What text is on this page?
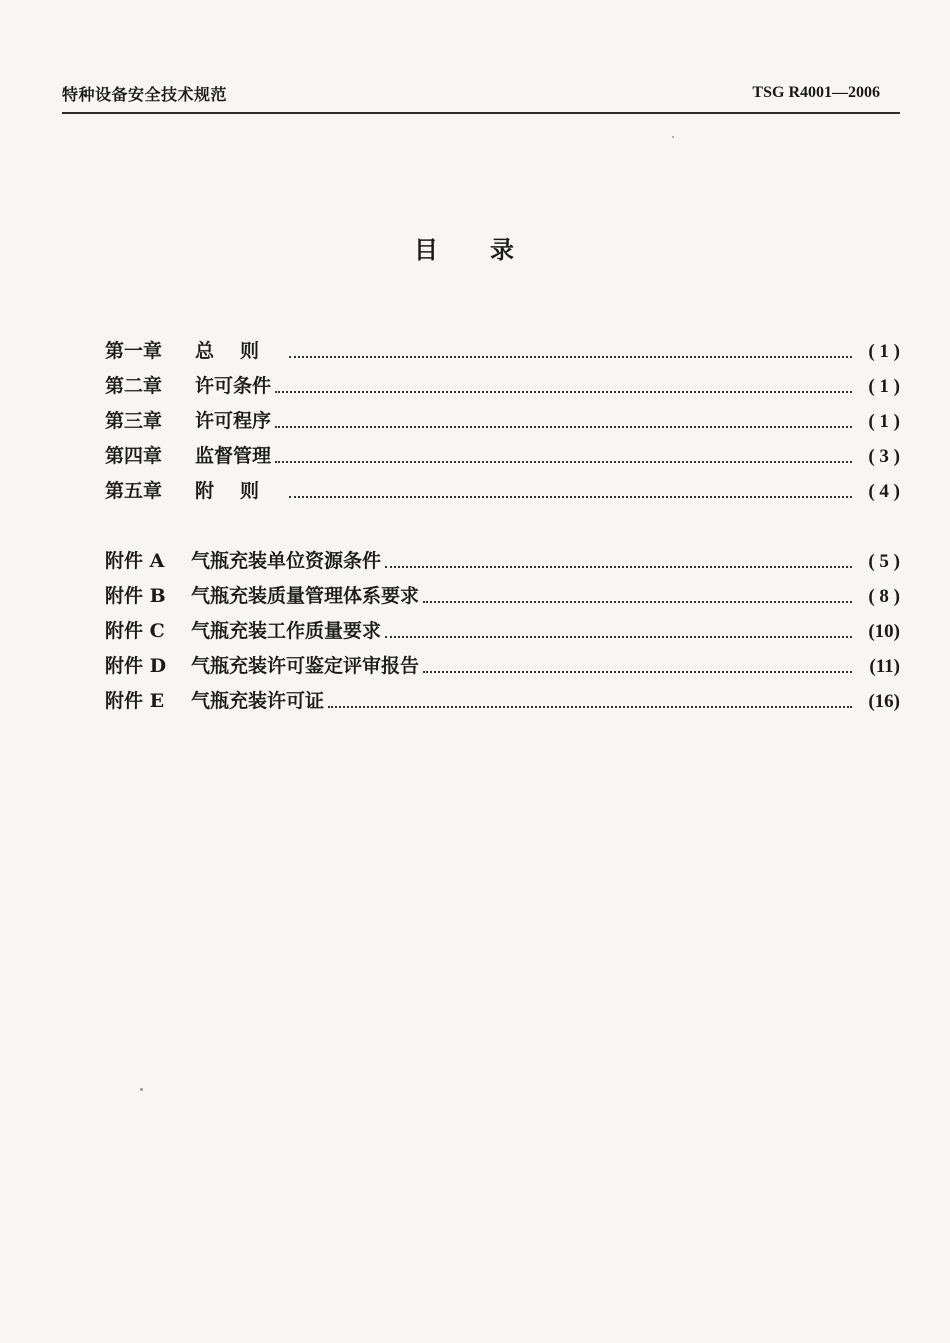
特种设备安全技术规范	TSG R4001—2006
目录
第一章	总则	( 1 )
第二章	许可条件	( 1 )
第三章	许可程序	( 1 )
第四章	监督管理	( 3 )
第五章	附则	( 4 )
附件 A	气瓶充装单位资源条件	( 5 )
附件 B	气瓶充装质量管理体系要求	( 8 )
附件 C	气瓶充装工作质量要求	(10)
附件 D	气瓶充装许可鉴定评审报告	(11)
附件 E	气瓶充装许可证	(16)
